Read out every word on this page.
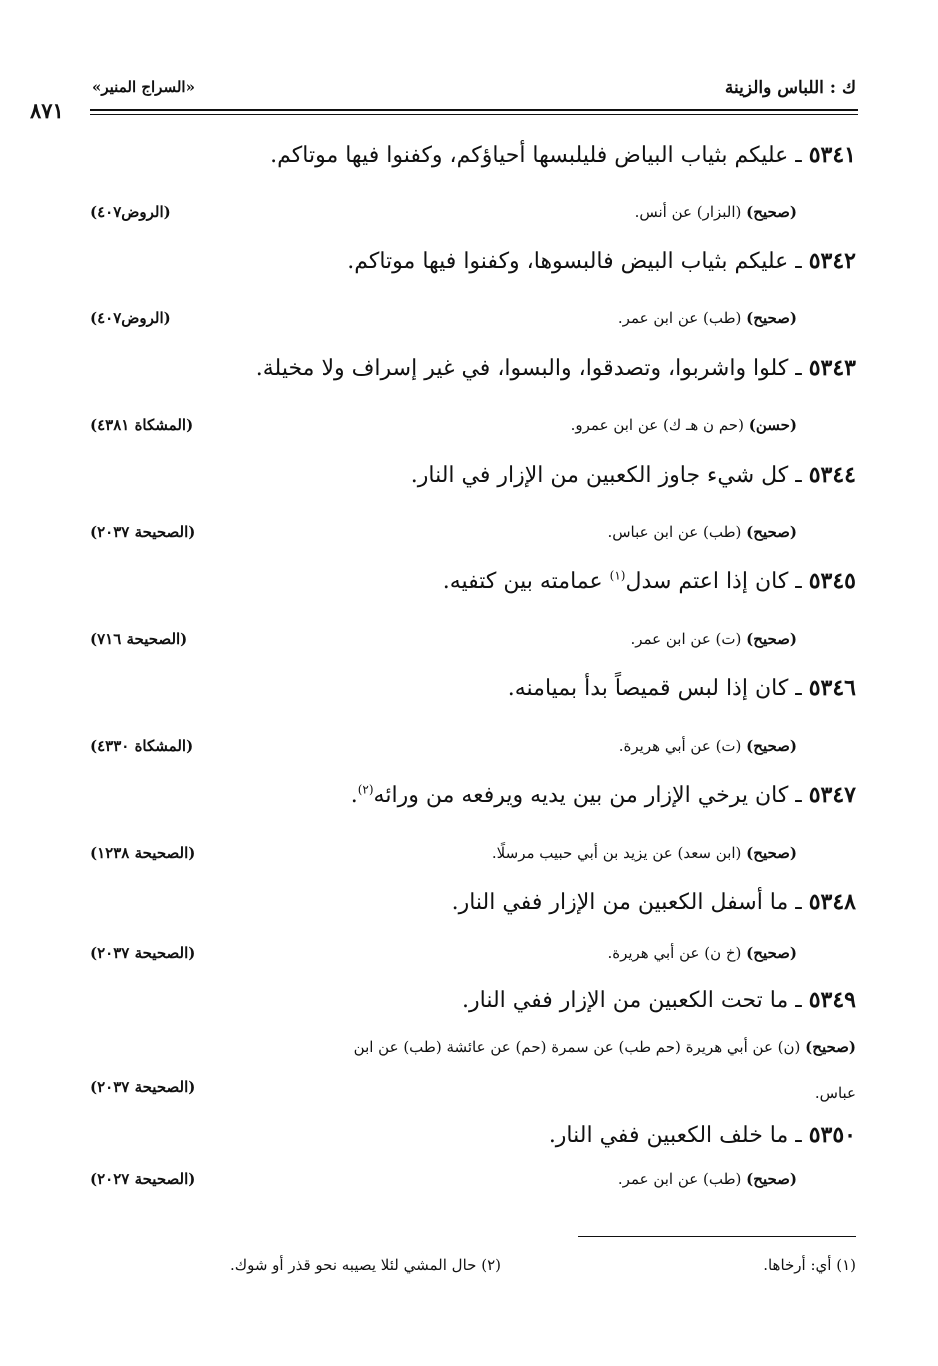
ك : اللباس والزينة
«السراج المنير»
٨٧١
٥٣٤١ ـ عليكم بثياب البياض فليلبسها أحياؤكم، وكفنوا فيها موتاكم.
(صحيح) (البزار) عن أنس.
(الروض٤٠٧)
٥٣٤٢ ـ عليكم بثياب البيض فالبسوها، وكفنوا فيها موتاكم.
(صحيح) (طب) عن ابن عمر.
(الروض٤٠٧)
٥٣٤٣ ـ كلوا واشربوا، وتصدقوا، والبسوا، في غير إسراف ولا مخيلة.
(حسن) (حم ن هـ ك) عن ابن عمرو.
(المشكاة ٤٣٨١)
٥٣٤٤ ـ كل شيء جاوز الكعبين من الإزار في النار.
(صحيح) (طب) عن ابن عباس.
(الصحيحة ٢٠٣٧)
٥٣٤٥ ـ كان إذا اعتم سدل$^{(١)}$ عمامته بين كتفيه.
(صحيح) (ت) عن ابن عمر.
(الصحيحة ٧١٦)
٥٣٤٦ ـ كان إذا لبس قميصاً بدأ بميامنه.
(صحيح) (ت) عن أبي هريرة.
(المشكاة ٤٣٣٠)
٥٣٤٧ ـ كان يرخي الإزار من بين يديه ويرفعه من ورائه$^{(٢)}$.
(صحيح) (ابن سعد) عن يزيد بن أبي حبيب مرسلًا.
(الصحيحة ١٢٣٨)
٥٣٤٨ ـ ما أسفل الكعبين من الإزار ففي النار.
(صحيح) (خ ن) عن أبي هريرة.
(الصحيحة ٢٠٣٧)
٥٣٤٩ ـ ما تحت الكعبين من الإزار ففي النار.
(صحيح) (ن) عن أبي هريرة (حم طب) عن سمرة (حم) عن عائشة (طب) عن ابن
عباس.
(الصحيحة ٢٠٣٧)
٥٣٥٠ ـ ما خلف الكعبين ففي النار.
(صحيح) (طب) عن ابن عمر.
(الصحيحة ٢٠٢٧)
(١) أي: أرخاها.
(٢) حال المشي لئلا يصيبه نحو قذر أو شوك.
